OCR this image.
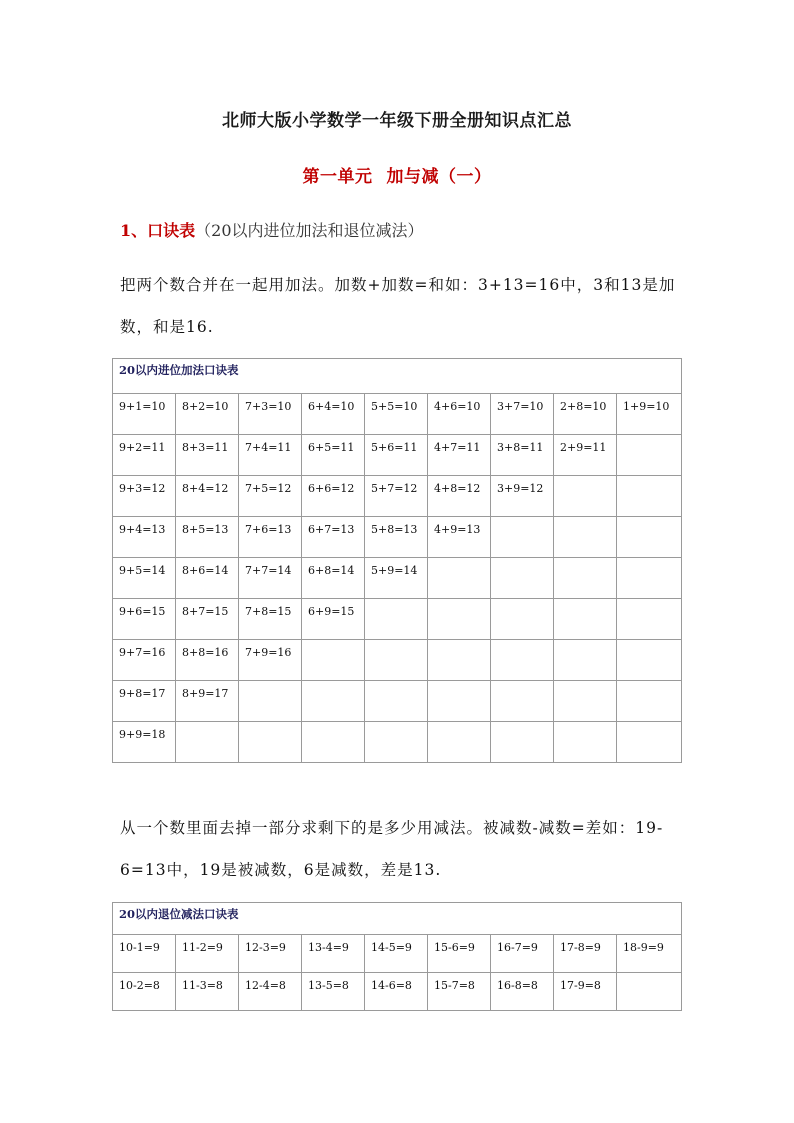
北师大版小学数学一年级下册全册知识点汇总
第一单元 加与减（一）

1、口诀表（20以内进位加法和退位减法）

把两个数合并在一起用加法。加数+加数=和如：3+13=16中，3和13是加数，和是16.

20以内进位加法口诀表								
9+1=10	8+2=10	7+3=10	6+4=10	5+5=10	4+6=10	3+7=10	2+8=10	1+9=10
9+2=11	8+3=11	7+4=11	6+5=11	5+6=11	4+7=11	3+8=11	2+9=11	
9+3=12	8+4=12	7+5=12	6+6=12	5+7=12	4+8=12	3+9=12		
9+4=13	8+5=13	7+6=13	6+7=13	5+8=13	4+9=13			
9+5=14	8+6=14	7+7=14	6+8=14	5+9=14				
9+6=15	8+7=15	7+8=15	6+9=15					
9+7=16	8+8=16	7+9=16						
9+8=17	8+9=17							
9+9=18								

从一个数里面去掉一部分求剩下的是多少用减法。被减数-减数=差如：19-6=13中，19是被减数，6是减数，差是13.

20以内退位减法口诀表								
10-1=9	11-2=9	12-3=9	13-4=9	14-5=9	15-6=9	16-7=9	17-8=9	18-9=9
10-2=8	11-3=8	12-4=8	13-5=8	14-6=8	15-7=8	16-8=8	17-9=8	
